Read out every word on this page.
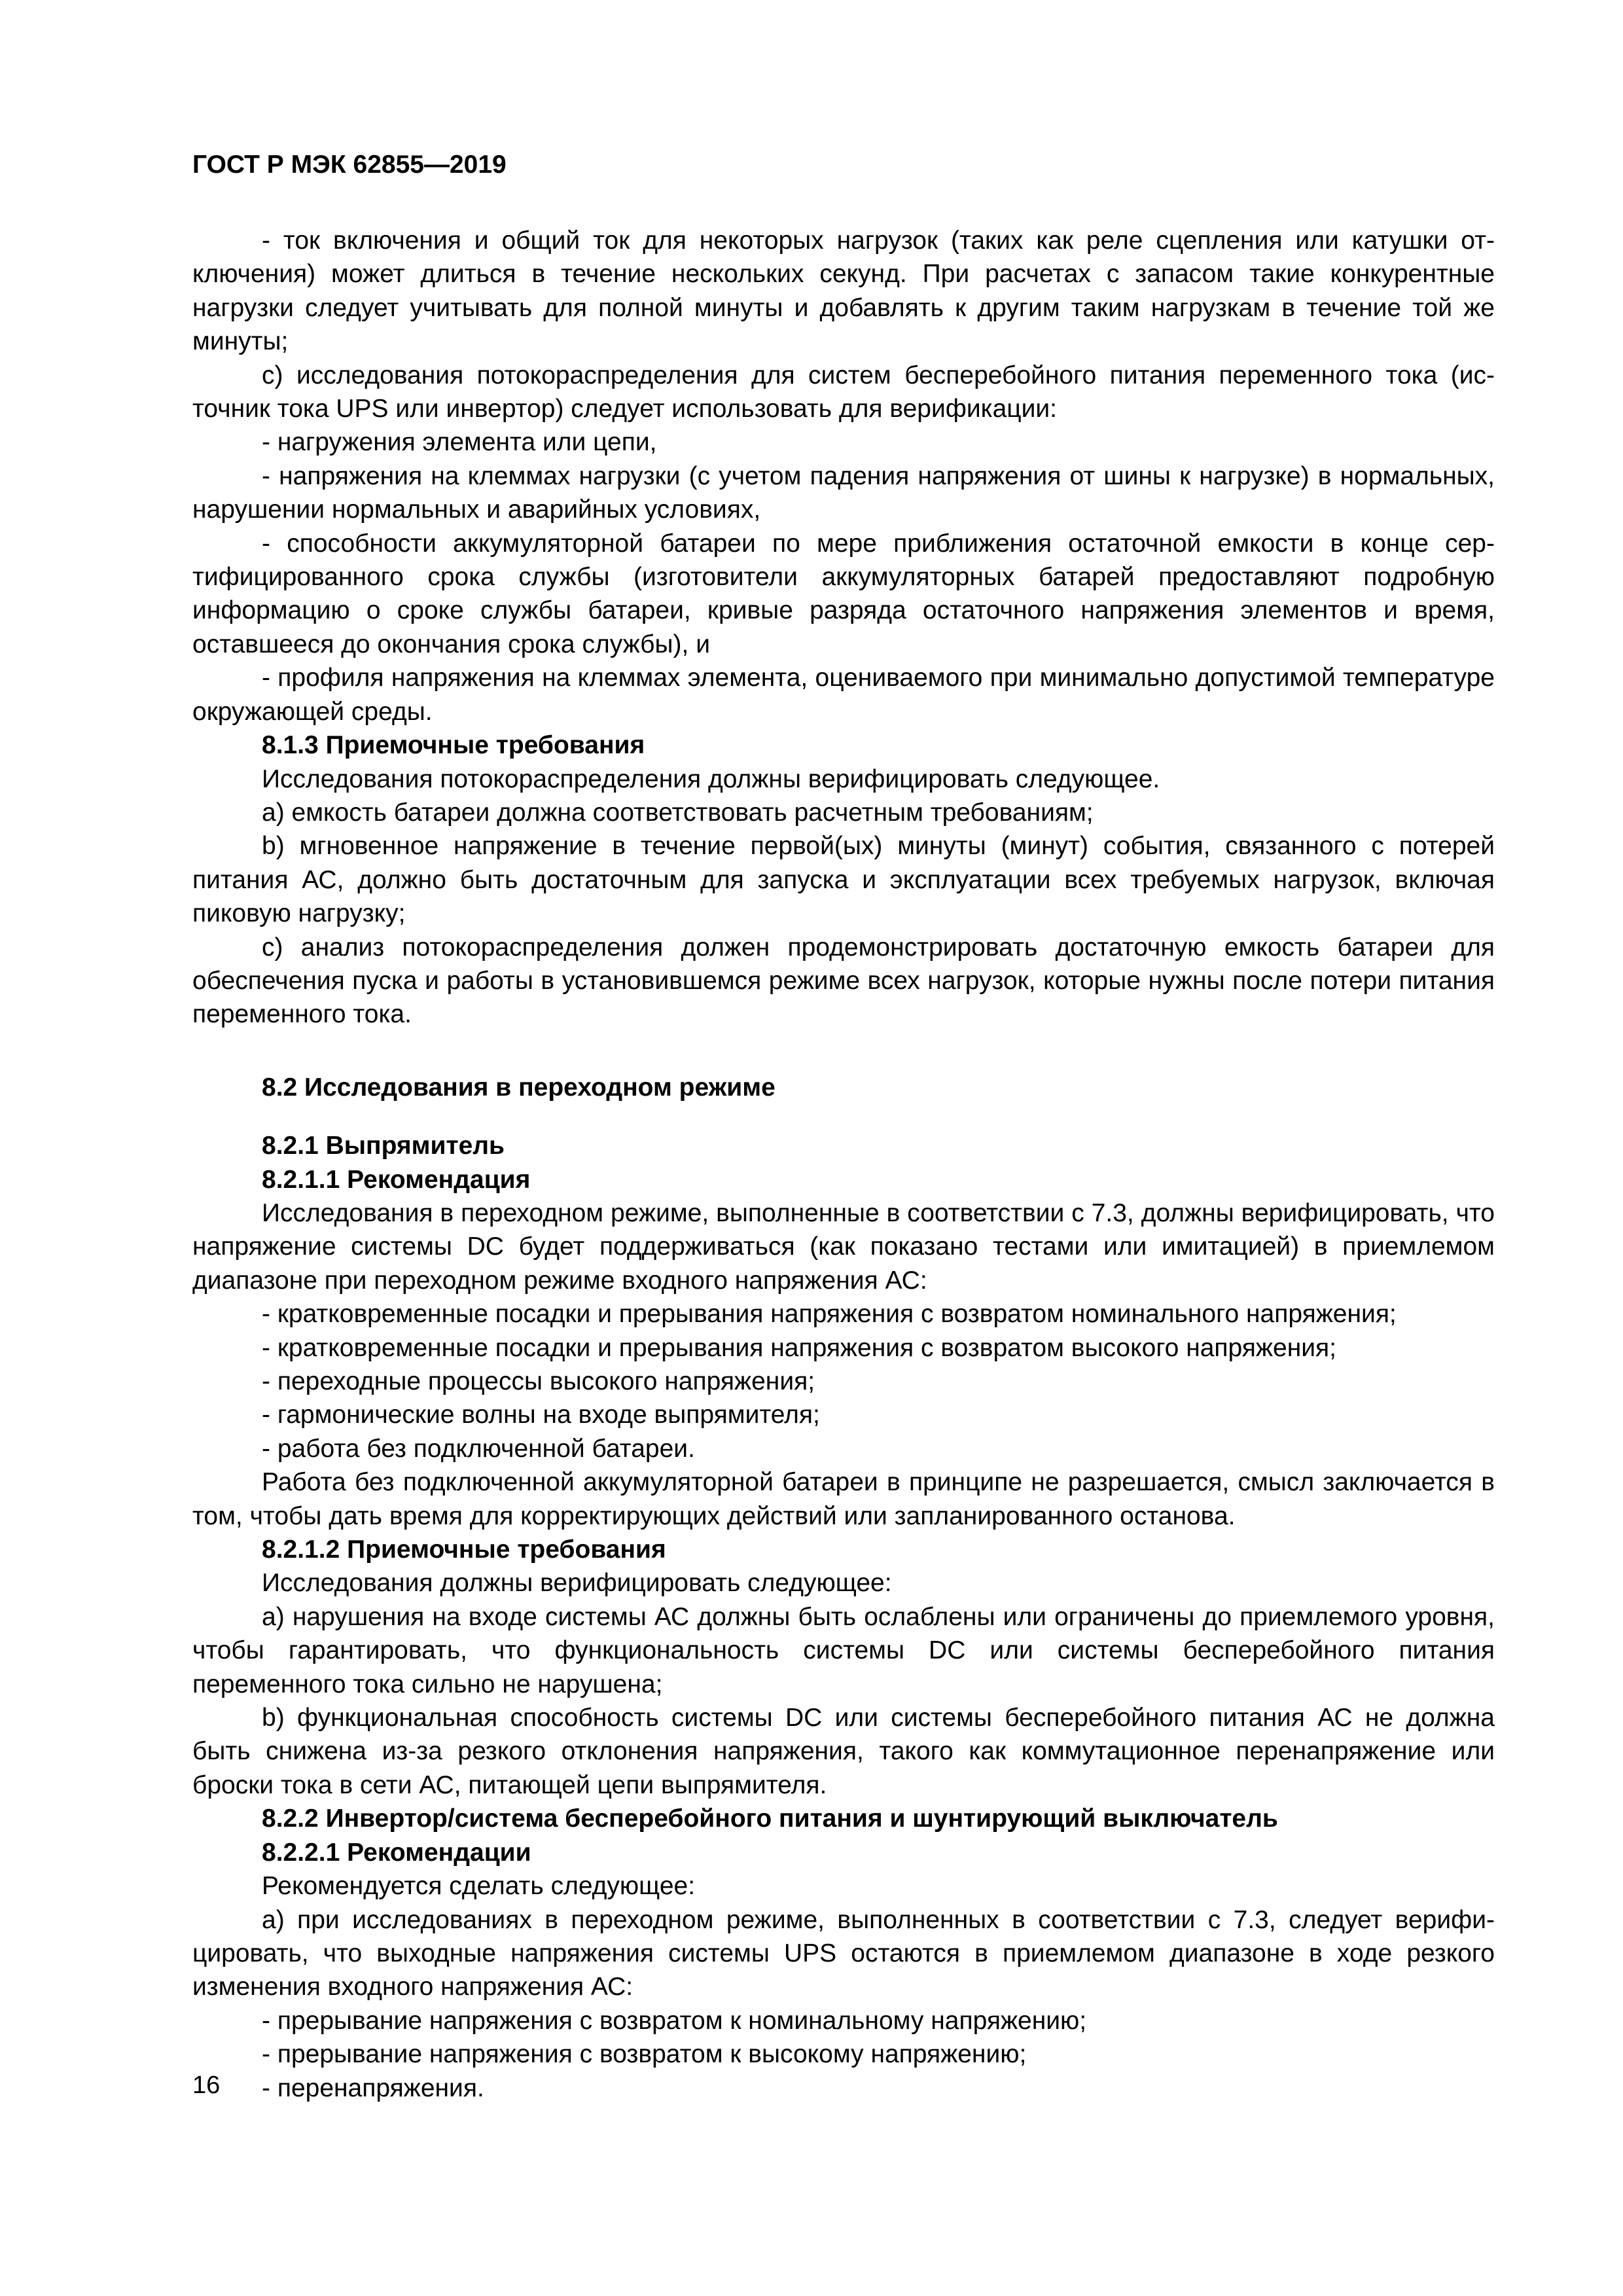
ГОСТ Р МЭК 62855—2019

- ток включения и общий ток для некоторых нагрузок (таких как реле сцепления или катушки отключения) может длиться в течение нескольких секунд. При расчетах с запасом такие конкурентные нагрузки следует учитывать для полной минуты и добавлять к другим таким нагрузкам в течение той же минуты;

c) исследования потокораспределения для систем бесперебойного питания переменного тока (источник тока UPS или инвертор) следует использовать для верификации:

- нагружения элемента или цепи,

- напряжения на клеммах нагрузки (с учетом падения напряжения от шины к нагрузке) в нормальных, нарушении нормальных и аварийных условиях,

- способности аккумуляторной батареи по мере приближения остаточной емкости в конце сертифицированного срока службы (изготовители аккумуляторных батарей предоставляют подробную информацию о сроке службы батареи, кривые разряда остаточного напряжения элементов и время, оставшееся до окончания срока службы), и

- профиля напряжения на клеммах элемента, оцениваемого при минимально допустимой температуре окружающей среды.

8.1.3 Приемочные требования

Исследования потокораспределения должны верифицировать следующее.

a) емкость батареи должна соответствовать расчетным требованиям;

b) мгновенное напряжение в течение первой(ых) минуты (минут) события, связанного с потерей питания АС, должно быть достаточным для запуска и эксплуатации всех требуемых нагрузок, включая пиковую нагрузку;

c) анализ потокораспределения должен продемонстрировать достаточную емкость батареи для обеспечения пуска и работы в установившемся режиме всех нагрузок, которые нужны после потери питания переменного тока.

8.2 Исследования в переходном режиме

8.2.1 Выпрямитель

8.2.1.1 Рекомендация

Исследования в переходном режиме, выполненные в соответствии с 7.3, должны верифицировать, что напряжение системы DC будет поддерживаться (как показано тестами или имитацией) в приемлемом диапазоне при переходном режиме входного напряжения АС:

- кратковременные посадки и прерывания напряжения с возвратом номинального напряжения;

- кратковременные посадки и прерывания напряжения с возвратом высокого напряжения;

- переходные процессы высокого напряжения;

- гармонические волны на входе выпрямителя;

- работа без подключенной батареи.

Работа без подключенной аккумуляторной батареи в принципе не разрешается, смысл заключается в том, чтобы дать время для корректирующих действий или запланированного останова.

8.2.1.2 Приемочные требования

Исследования должны верифицировать следующее:

a) нарушения на входе системы АС должны быть ослаблены или ограничены до приемлемого уровня, чтобы гарантировать, что функциональность системы DC или системы бесперебойного питания переменного тока сильно не нарушена;

b) функциональная способность системы DC или системы бесперебойного питания АС не должна быть снижена из-за резкого отклонения напряжения, такого как коммутационное перенапряжение или броски тока в сети АС, питающей цепи выпрямителя.

8.2.2 Инвертор/система бесперебойного питания и шунтирующий выключатель

8.2.2.1 Рекомендации

Рекомендуется сделать следующее:

a) при исследованиях в переходном режиме, выполненных в соответствии с 7.3, следует верифицировать, что выходные напряжения системы UPS остаются в приемлемом диапазоне в ходе резкого изменения входного напряжения АС:

- прерывание напряжения с возвратом к номинальному напряжению;

- прерывание напряжения с возвратом к высокому напряжению;

- перенапряжения.

16
